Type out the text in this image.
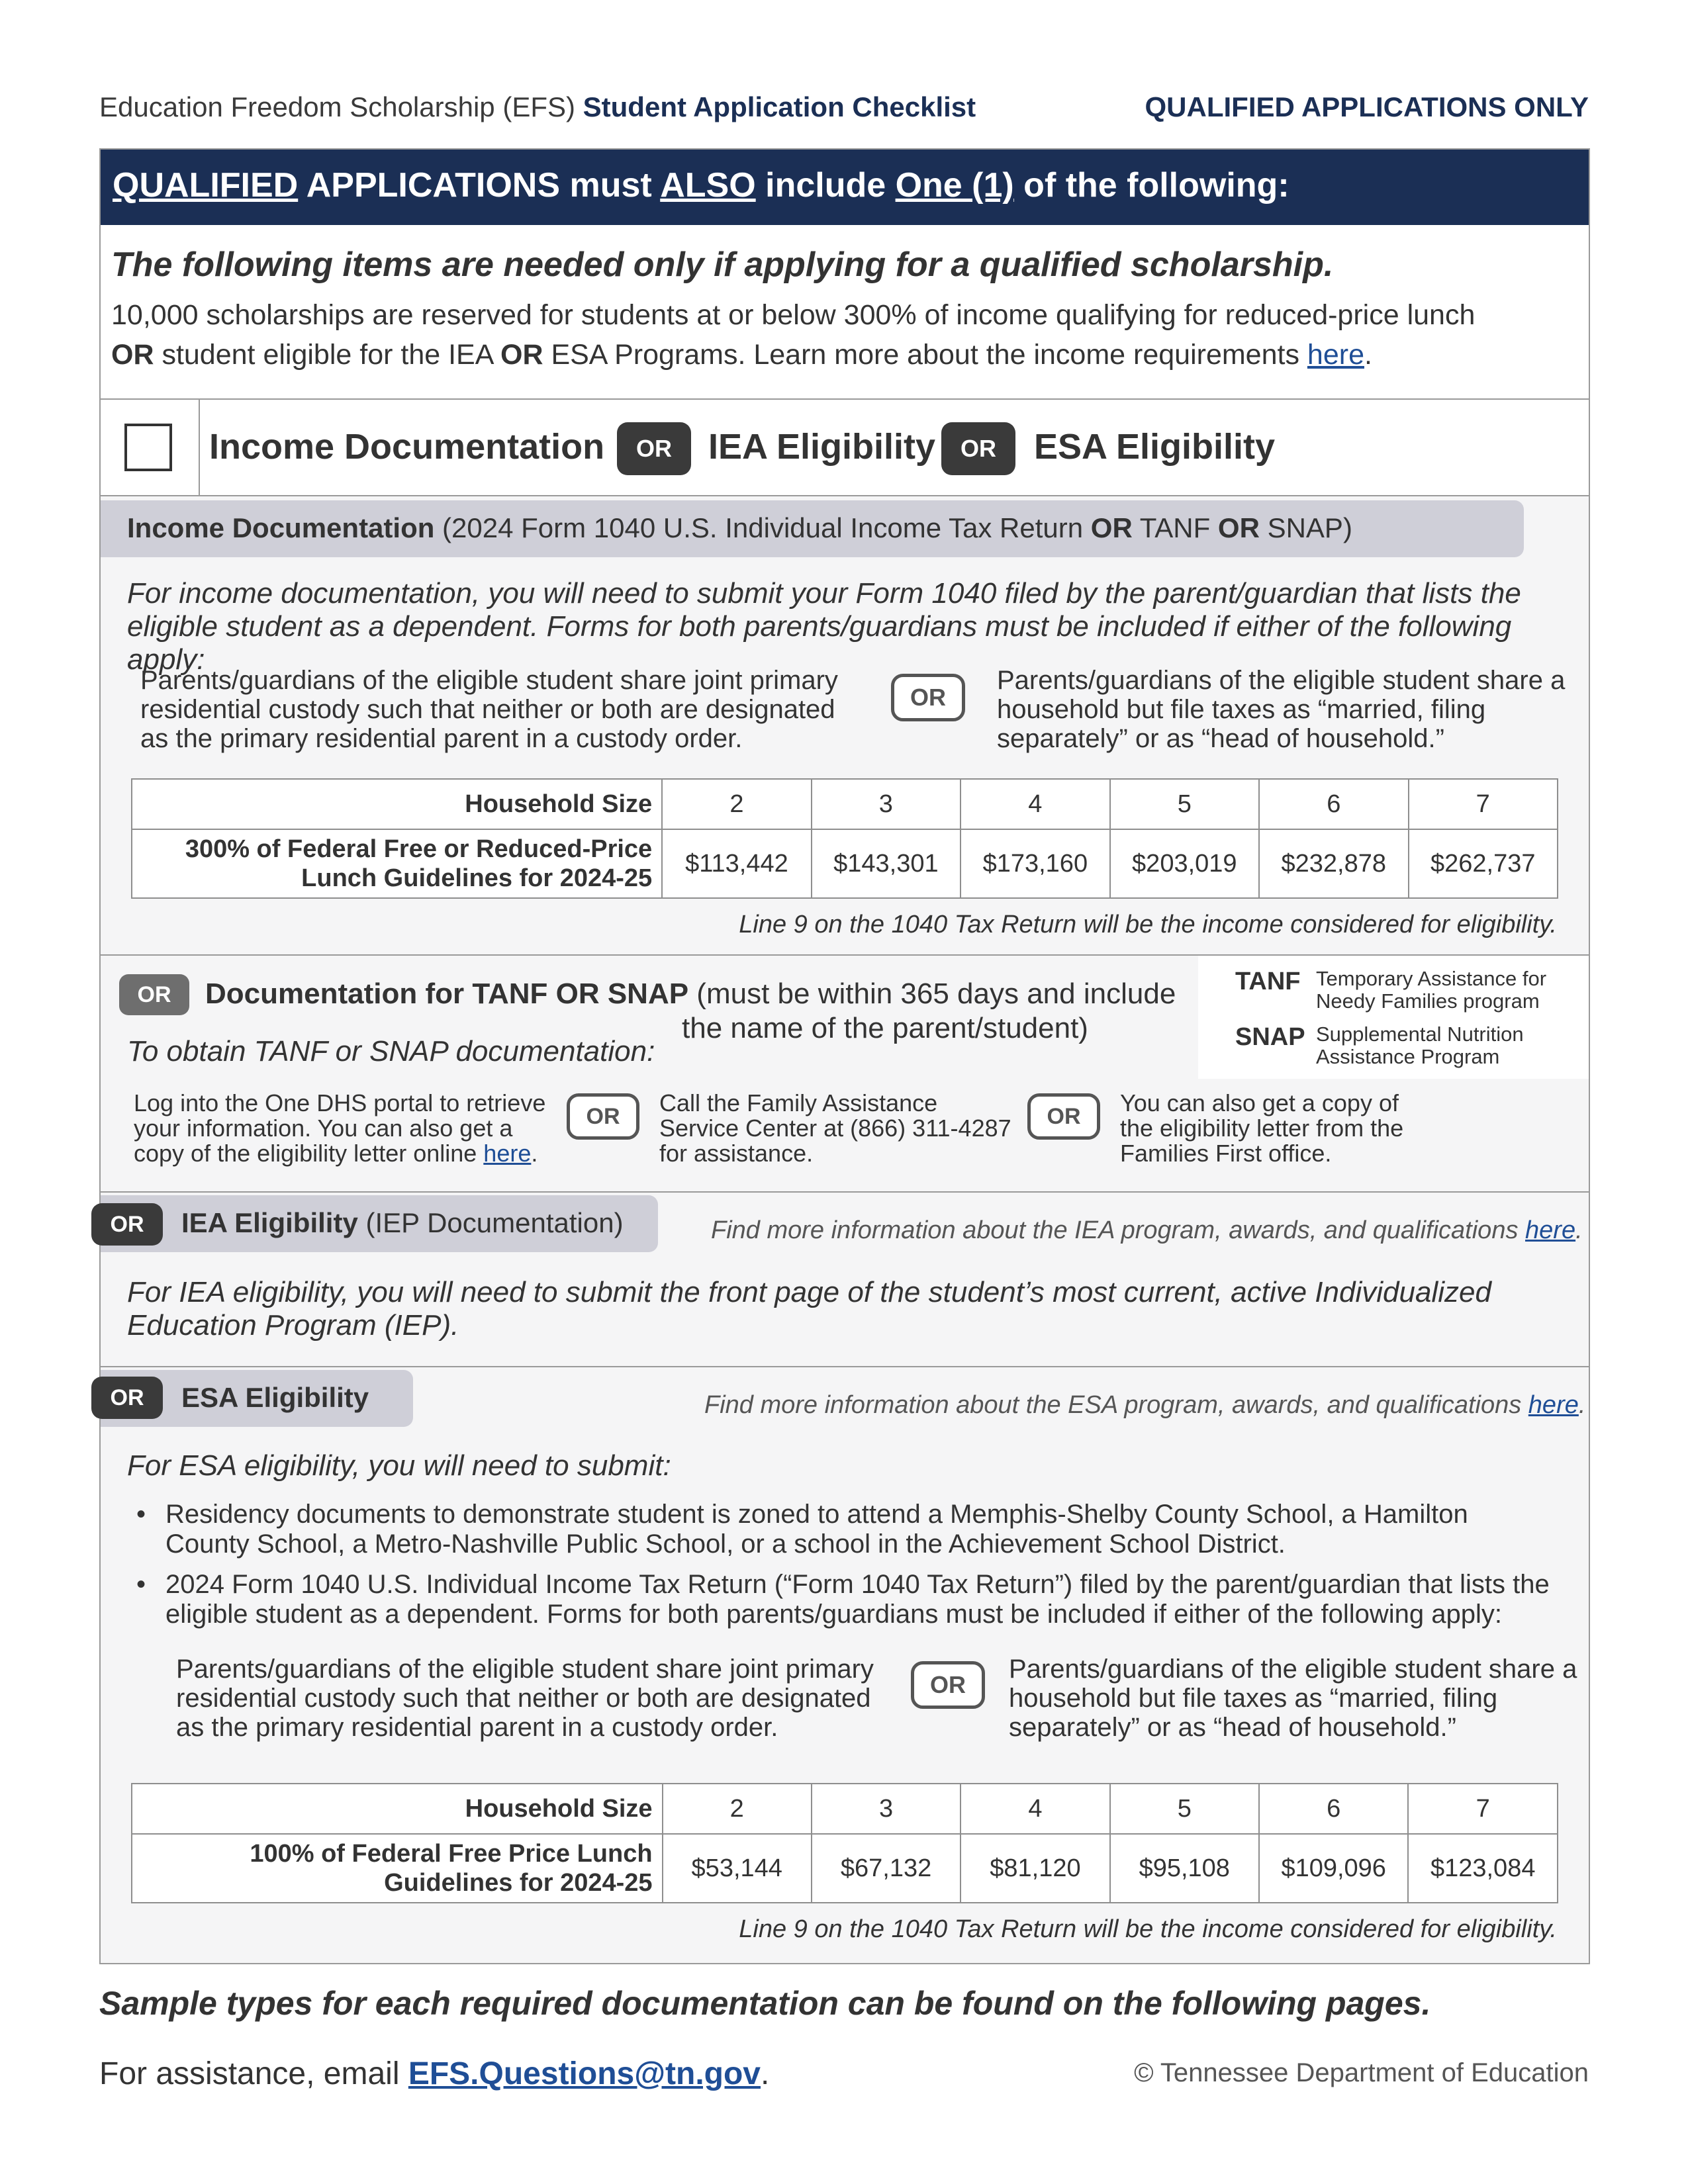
Education Freedom Scholarship (EFS) Student Application Checklist	QUALIFIED APPLICATIONS ONLY
QUALIFIED APPLICATIONS must ALSO include One (1) of the following:
The following items are needed only if applying for a qualified scholarship.
10,000 scholarships are reserved for students at or below 300% of income qualifying for reduced-price lunch
OR student eligible for the IEA OR ESA Programs. Learn more about the income requirements here.
Income Documentation	OR	IEA Eligibility	OR	ESA Eligibility
Income Documentation (2024 Form 1040 U.S. Individual Income Tax Return OR TANF OR SNAP)
For income documentation, you will need to submit your Form 1040 filed by the parent/guardian that lists the eligible student as a dependent. Forms for both parents/guardians must be included if either of the following apply:
Parents/guardians of the eligible student share joint primary residential custody such that neither or both are designated as the primary residential parent in a custody order.
OR
Parents/guardians of the eligible student share a household but file taxes as “married, filing separately” or as “head of household.”
Household Size	2	3	4	5	6	7

300% of Federal Free or Reduced-Price
Lunch Guidelines for 2024-25	$113,442	$143,301	$173,160	$203,019	$232,878	$262,737
Line 9 on the 1040 Tax Return will be the income considered for eligibility.
TANF Temporary Assistance for Needy Families program
SNAP Supplemental Nutrition Assistance Program
OR	Documentation for TANF OR SNAP (must be within 365 days and include
the name of the parent/student)
To obtain TANF or SNAP documentation:
Log into the One DHS portal to retrieve your information. You can also get a copy of the eligibility letter online here.
OR	Call the Family Assistance Service Center at (866) 311-4287 for assistance.
OR	You can also get a copy of the eligibility letter from the Families First office.
IEA Eligibility (IEP Documentation)
OR	Find more information about the IEA program, awards, and qualifications here.
For IEA eligibility, you will need to submit the front page of the student’s most current, active Individualized Education Program (IEP).
ESA Eligibility
OR	Find more information about the ESA program, awards, and qualifications here.
For ESA eligibility, you will need to submit:
• Residency documents to demonstrate student is zoned to attend a Memphis-Shelby County School, a Hamilton County School, a Metro-Nashville Public School, or a school in the Achievement School District.
• 2024 Form 1040 U.S. Individual Income Tax Return (“Form 1040 Tax Return”) filed by the parent/guardian that lists the eligible student as a dependent. Forms for both parents/guardians must be included if either of the following apply:
Parents/guardians of the eligible student share joint primary residential custody such that neither or both are designated as the primary residential parent in a custody order.
OR
Parents/guardians of the eligible student share a household but file taxes as “married, filing separately” or as “head of household.”
Household Size	2	3	4	5	6	7

100% of Federal Free Price Lunch
Guidelines for 2024-25	$53,144	$67,132	$81,120	$95,108	$109,096	$123,084
Line 9 on the 1040 Tax Return will be the income considered for eligibility.
Sample types for each required documentation can be found on the following pages.
For assistance, email EFS.Questions@tn.gov.	© Tennessee Department of Education
